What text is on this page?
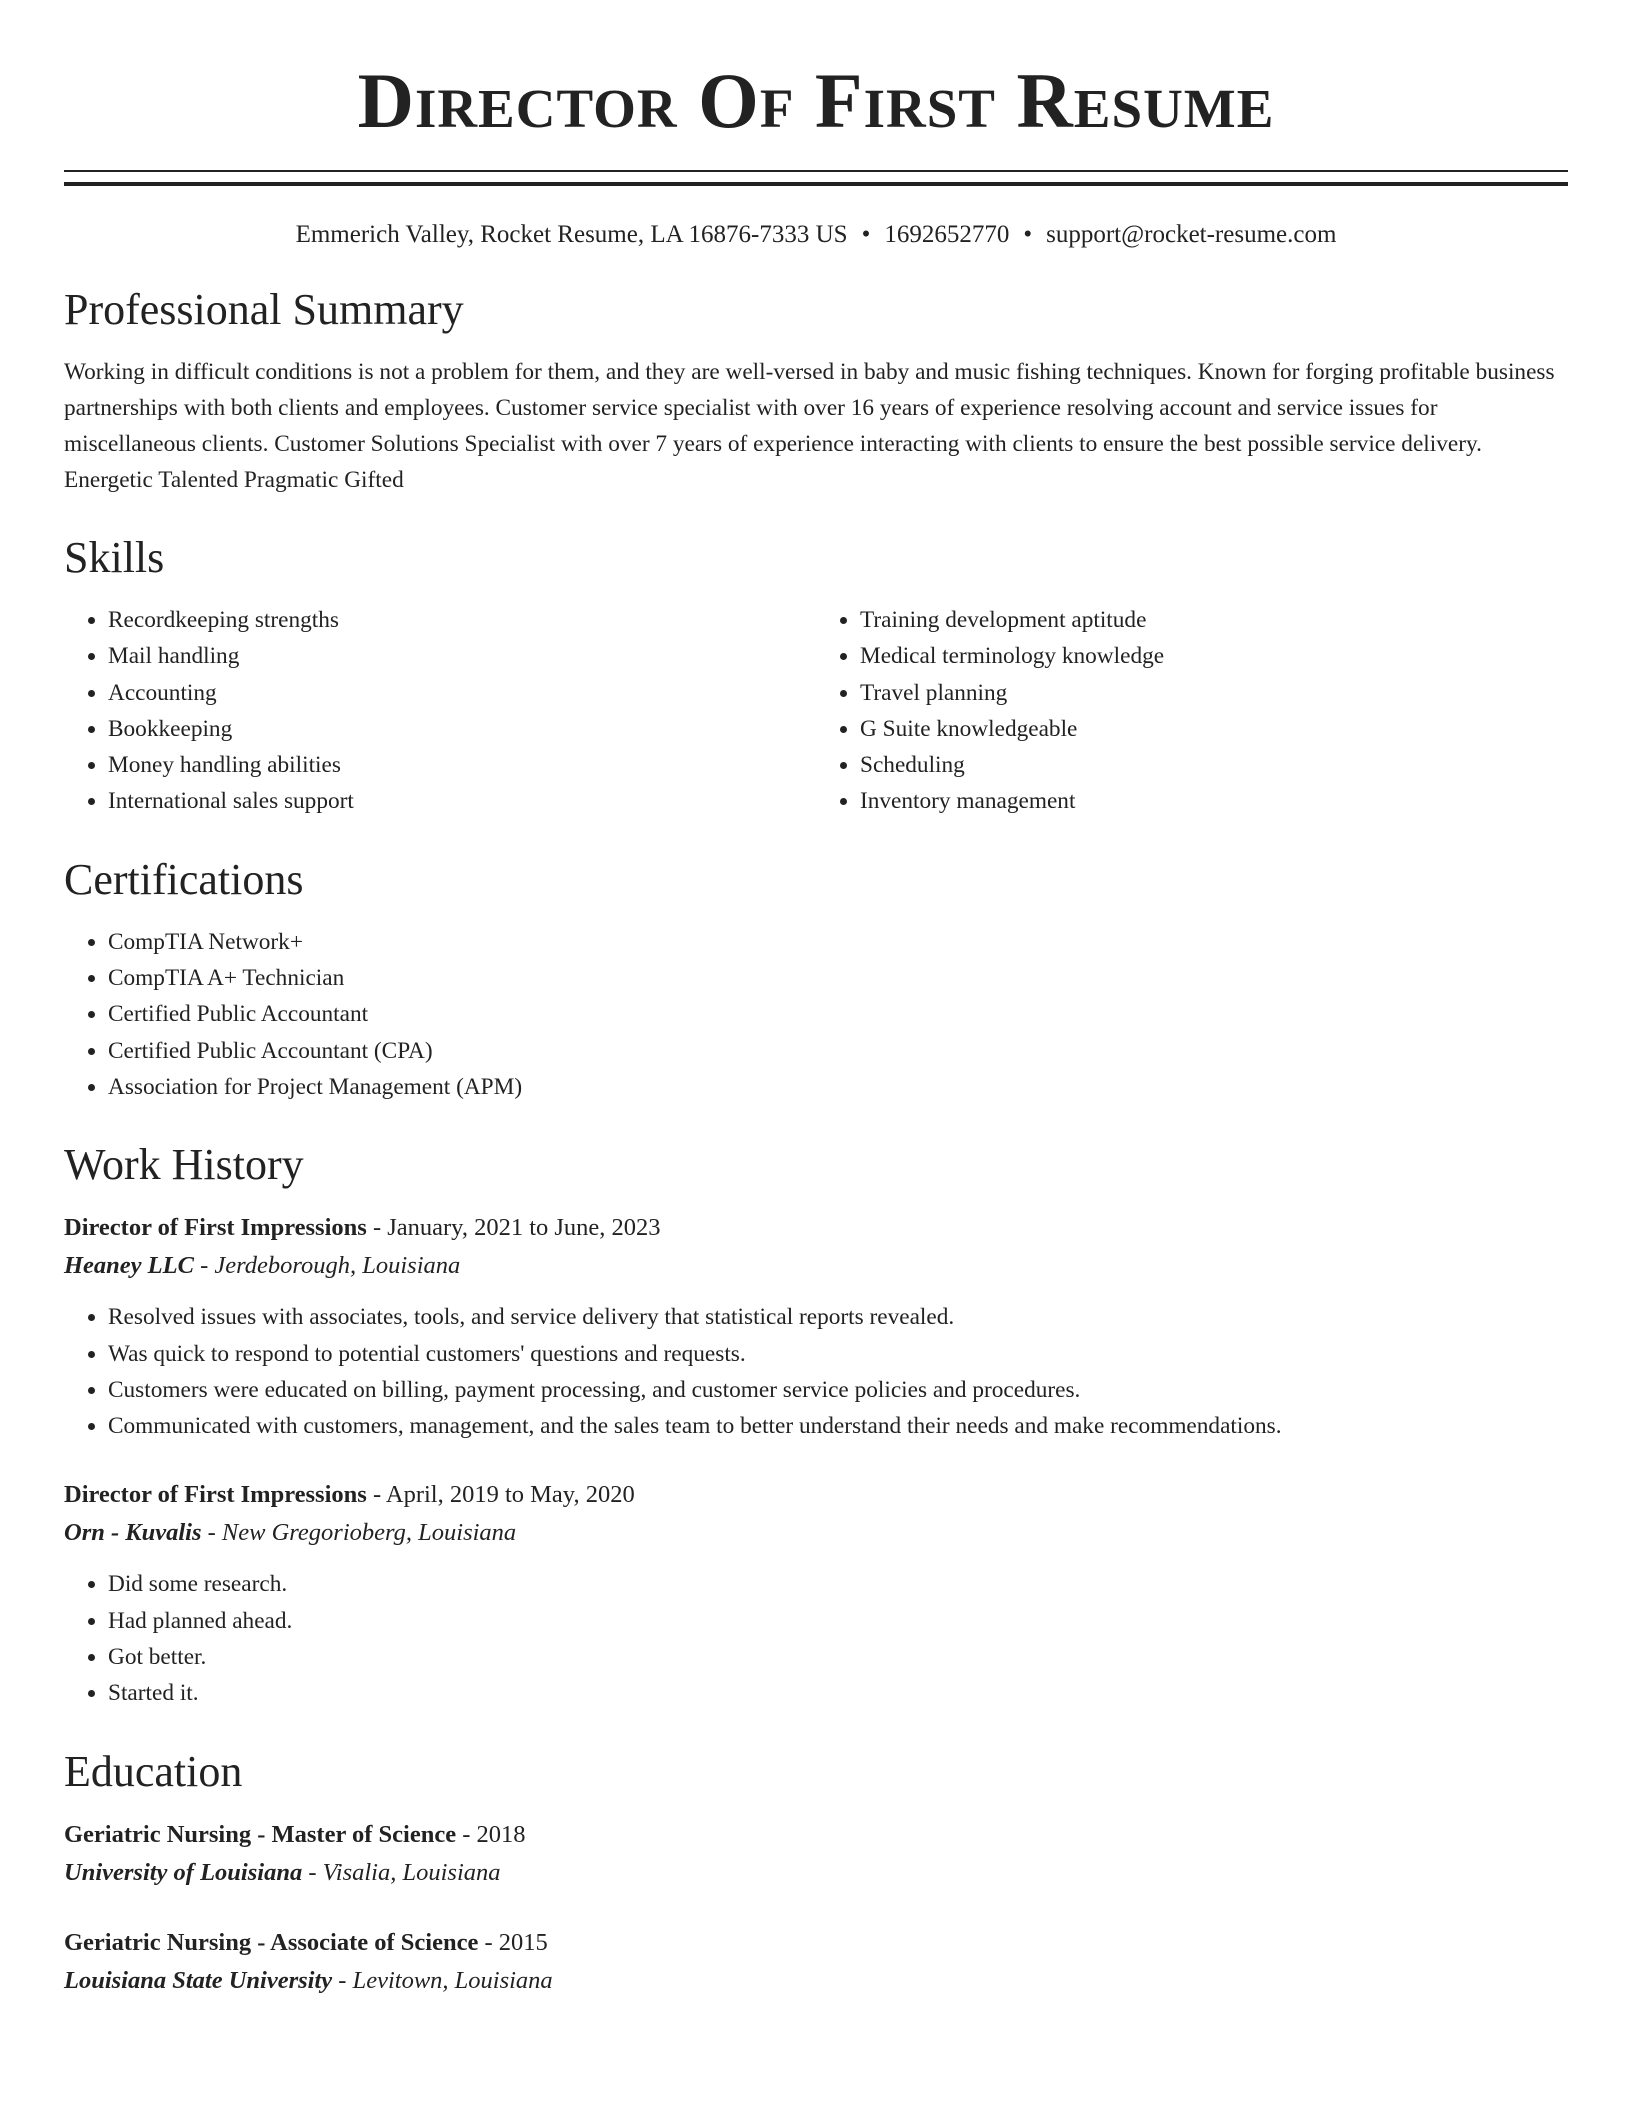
Director Of First Resume
Emmerich Valley, Rocket Resume, LA 16876-7333 US • 1692652770 • support@rocket-resume.com
Professional Summary

Working in difficult conditions is not a problem for them, and they are well-versed in baby and music fishing techniques. Known for forging profitable business partnerships with both clients and employees. Customer service specialist with over 16 years of experience resolving account and service issues for miscellaneous clients. Customer Solutions Specialist with over 7 years of experience interacting with clients to ensure the best possible service delivery. Energetic Talented Pragmatic Gifted

Skills
• Recordkeeping strengths
• Mail handling
• Accounting
• Bookkeeping
• Money handling abilities
• International sales support
• Training development aptitude
• Medical terminology knowledge
• Travel planning
• G Suite knowledgeable
• Scheduling
• Inventory management
Certifications
• CompTIA Network+
• CompTIA A+ Technician
• Certified Public Accountant
• Certified Public Accountant (CPA)
• Association for Project Management (APM)
Work History
Director of First Impressions - January, 2021 to June, 2023
Heaney LLC - Jerdeborough, Louisiana
• Resolved issues with associates, tools, and service delivery that statistical reports revealed.
• Was quick to respond to potential customers' questions and requests.
• Customers were educated on billing, payment processing, and customer service policies and procedures.
• Communicated with customers, management, and the sales team to better understand their needs and make recommendations.
Director of First Impressions - April, 2019 to May, 2020
Orn - Kuvalis - New Gregorioberg, Louisiana
• Did some research.
• Had planned ahead.
• Got better.
• Started it.
Education
Geriatric Nursing - Master of Science - 2018
University of Louisiana - Visalia, Louisiana
Geriatric Nursing - Associate of Science - 2015
Louisiana State University - Levitown, Louisiana
